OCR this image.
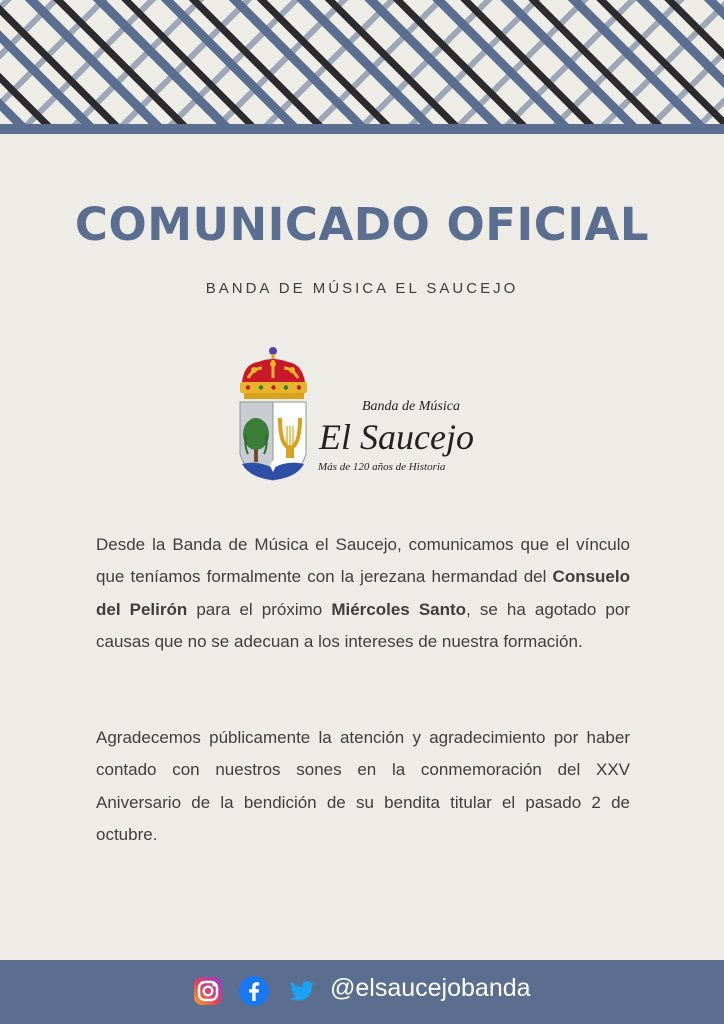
COMUNICADO OFICIAL
BANDA DE MÚSICA EL SAUCEJO
Banda de Música
El Saucejo
Más de 120 años de Historia

Desde la Banda de Música el Saucejo, comunicamos que el vínculo que teníamos formalmente con la jerezana hermandad del Consuelo del Pelirón para el próximo Miércoles Santo, se ha agotado por causas que no se adecuan a los intereses de nuestra formación.

Agradecemos públicamente la atención y agradecimiento por haber contado con nuestros sones en la conmemoración del XXV Aniversario de la bendición de su bendita titular el pasado 2 de octubre.

@elsaucejobanda
